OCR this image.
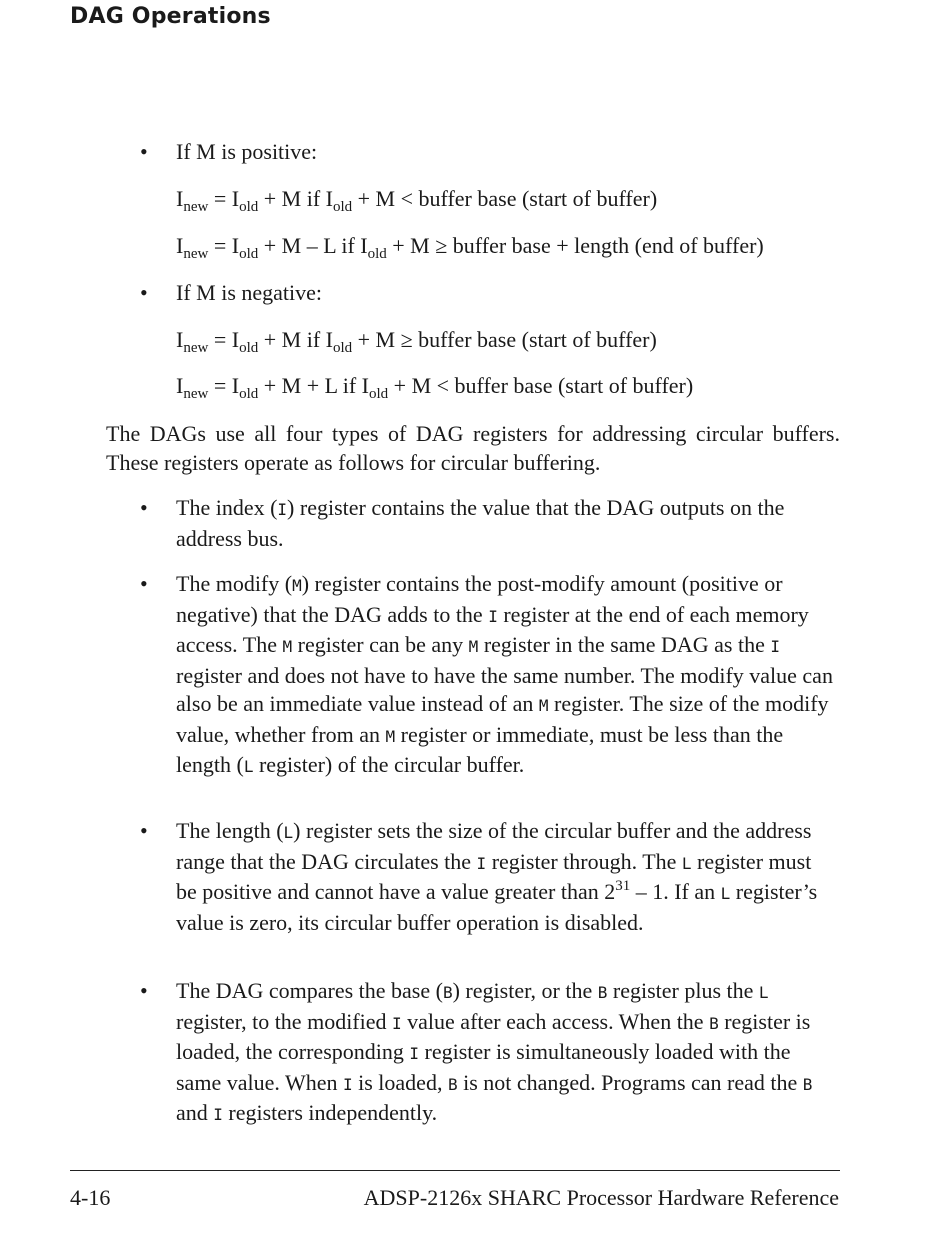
DAG Operations
•	If M is positive:
$I_{new} = I_{old} + M$ if $I_{old} + M$ < buffer base (start of buffer)
$I_{new} = I_{old} + M - L$ if $I_{old} + M$ ≥ buffer base + length (end of buffer)
•	If M is negative:
$I_{new} = I_{old} + M$ if $I_{old} + M$ ≥ buffer base (start of buffer)
$I_{new} = I_{old} + M + L$ if $I_{old} + M$ < buffer base (start of buffer)
The DAGs use all four types of DAG registers for addressing circular buffers. These registers operate as follows for circular buffering.
•	The index (I) register contains the value that the DAG outputs on the address bus.
•	The modify (M) register contains the post-modify amount (positive or negative) that the DAG adds to the I register at the end of each memory access. The M register can be any M register in the same DAG as the I register and does not have to have the same number. The modify value can also be an immediate value instead of an M register. The size of the modify value, whether from an M register or immediate, must be less than the length (L register) of the circular buffer.
•	The length (L) register sets the size of the circular buffer and the address range that the DAG circulates the I register through. The L register must be positive and cannot have a value greater than $2^{31} - 1$. If an L register’s value is zero, its circular buffer operation is disabled.
•	The DAG compares the base (B) register, or the B register plus the L register, to the modified I value after each access. When the B register is loaded, the corresponding I register is simultaneously loaded with the same value. When I is loaded, B is not changed. Programs can read the B and I registers independently.
4-16	ADSP-2126x SHARC Processor Hardware Reference
